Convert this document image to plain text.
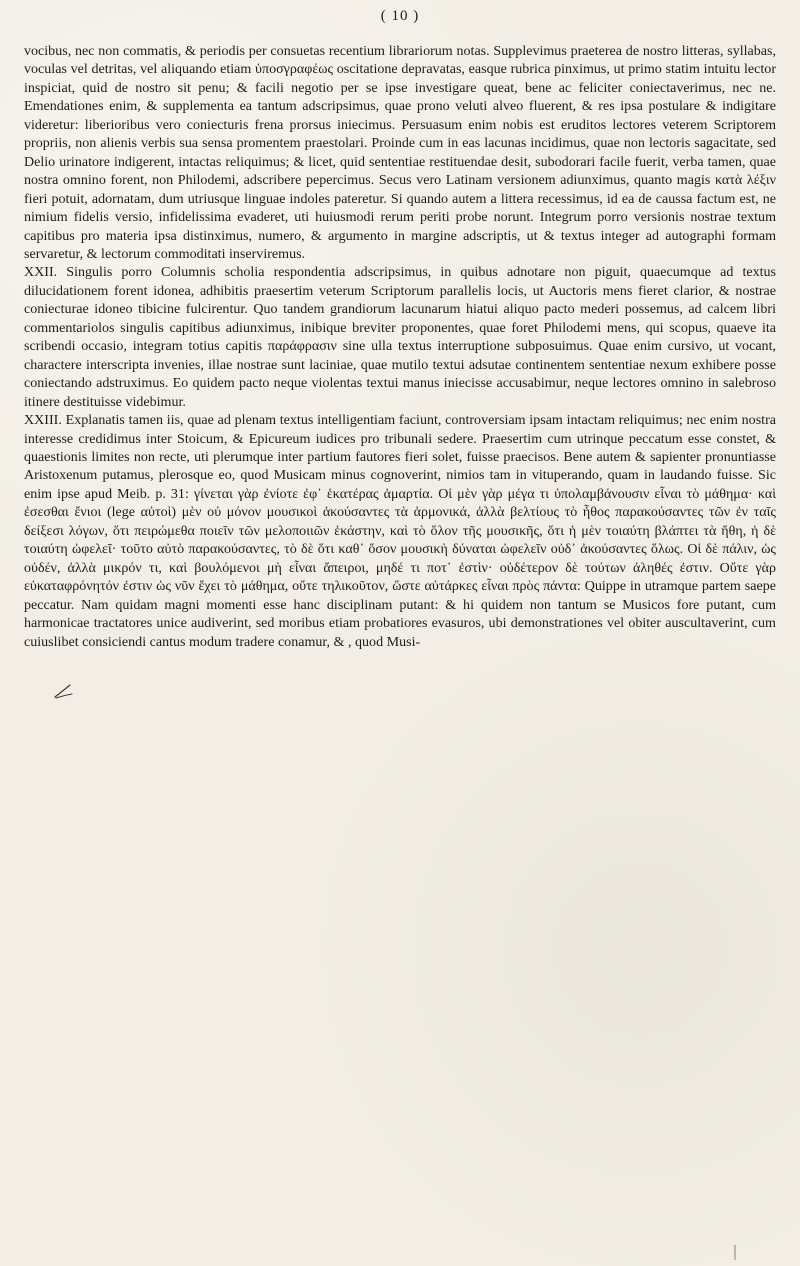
( 10 )

vocibus, nec non commatis, & periodis per consuetas recentium librariorum notas. Supplevimus praeterea de nostro litteras, syllabas, voculas vel detritas, vel aliquando etiam ὑποσγραφέως oscitatione depravatas, easque rubrica pinximus, ut primo statim intuitu lector inspiciat, quid de nostro sit penu; & facili negotio per se ipse investigare queat, bene ac feliciter coniectaverimus, nec ne. Emendationes enim, & supplementa ea tantum adscripsimus, quae prono veluti alveo fluerent, & res ipsa postulare & indigitare videretur: liberioribus vero coniecturis frena prorsus iniecimus. Persuasum enim nobis est eruditos lectores veterem Scriptorem propriis, non alienis verbis sua sensa promentem praestolari. Proinde cum in eas lacunas incidimus, quae non lectoris sagacitate, sed Delio urinatore indigerent, intactas reliquimus; & licet, quid sententiae restituendae desit, subodorari facile fuerit, verba tamen, quae nostra omnino forent, non Philodemi, adscribere pepercimus. Secus vero Latinam versionem adiunximus, quanto magis κατὰ λέξιν fieri potuit, adornatam, dum utriusque linguae indoles pateretur. Si quando autem a littera recessimus, id ea de caussa factum est, ne nimium fidelis versio, infidelissima evaderet, uti huiusmodi rerum periti probe norunt. Integrum porro versionis nostrae textum capitibus pro materia ipsa distinximus, numero, & argumento in margine adscriptis, ut & textus integer ad autographi formam servaretur, & lectorum commoditati inserviremus.

XXII. Singulis porro Columnis scholia respondentia adscripsimus, in quibus adnotare non piguit, quaecumque ad textus dilucidationem forent idonea, adhibitis praesertim veterum Scriptorum parallelis locis, ut Auctoris mens fieret clarior, & nostrae coniecturae idoneo tibicine fulcirentur. Quo tandem grandiorum lacunarum hiatui aliquo pacto mederi possemus, ad calcem libri commentariolos singulis capitibus adiunximus, inibique breviter proponentes, quae foret Philodemi mens, qui scopus, quaeve ita scribendi occasio, integram totius capitis παράφρασιν sine ulla textus interruptione subposuimus. Quae enim cursivo, ut vocant, charactere interscripta invenies, illae nostrae sunt laciniae, quae mutilo textui adsutae continentem sententiae nexum exhibere posse coniectando adstruximus. Eo quidem pacto neque violentas textui manus iniecisse accusabimur, neque lectores omnino in salebroso itinere destituisse videbimur.

XXIII. Explanatis tamen iis, quae ad plenam textus intelligentiam faciunt, controversiam ipsam intactam reliquimus; nec enim nostra interesse credidimus inter Stoicum, & Epicureum iudices pro tribunali sedere. Praesertim cum utrinque peccatum esse constet, & quaestionis limites non recte, uti plerumque inter partium fautores fieri solet, fuisse praecisos. Bene autem & sapienter pronuntiasse Aristoxenum putamus, plerosque eo, quod Musicam minus cognoverint, nimios tam in vituperando, quam in laudando fuisse. Sic enim ipse apud Meib. p. 31: γίνεται γὰρ ἐνίοτε ἐφ᾽ ἑκατέρας ἁμαρτία. Οἱ μὲν γὰρ μέγα τι ὑπολαμβάνουσιν εἶναι τὸ μάθημα· καὶ ἐσεσθαι ἔνιοι (lege αὐτοὶ) μὲν οὐ μόνον μουσικοὶ ἀκούσαντες τὰ ἁρμονικά, ἀλλὰ βελτίους τὸ ἦθος παρακούσαντες τῶν ἐν ταῖς δείξεσι λόγων, ὅτι πειρώμεθα ποιεῖν τῶν μελοποιιῶν ἑκάστην, καὶ τὸ ὅλον τῆς μουσικῆς, ὅτι ἡ μὲν τοιαύτη βλάπτει τὰ ἤθη, ἡ δὲ τοιαύτη ὠφελεῖ· τοῦτο αὐτὸ παρακούσαντες, τὸ δὲ ὅτι καθ᾽ ὅσον μουσικὴ δύναται ὠφελεῖν οὐδ᾽ ἀκούσαντες ὅλως. Οἱ δὲ πάλιν, ὡς οὐδέν, ἀλλὰ μικρόν τι, καὶ βουλόμενοι μὴ εἶναι ἄπειροι, μηδέ τι ποτ᾽ ἐστὶν· οὐδέτερον δὲ τούτων ἀληθές ἐστιν. Οὔτε γὰρ εὐκαταφρόνητόν ἐστιν ὡς νῦν ἔχει τὸ μάθημα, οὔτε τηλικοῦτον, ὥστε αὐτάρκες εἶναι πρὸς πάντα: Quippe in utramque partem saepe peccatur. Nam quidam magni momenti esse hanc disciplinam putant: & hi quidem non tantum se Musicos fore putant, cum harmonicae tractatores unice audiverint, sed moribus etiam probatiores evasuros, ubi demonstrationes vel obiter auscultaverint, cum cuiuslibet consiciendi cantus modum tradere conamur, & , quod Musi-
